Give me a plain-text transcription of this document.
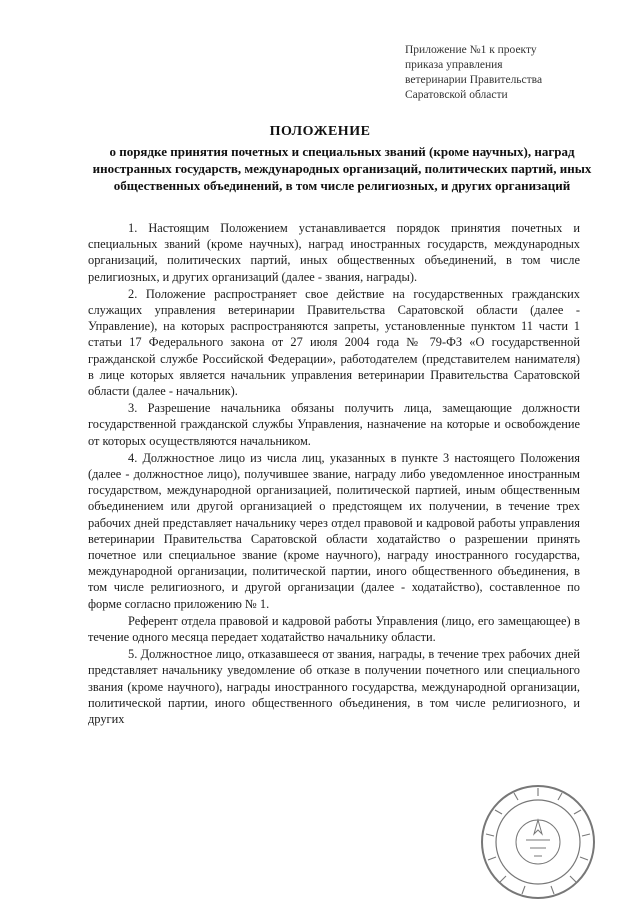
Приложение №1 к проекту
приказа управления
ветеринарии Правительства
Саратовской области
ПОЛОЖЕНИЕ
о порядке принятия почетных и специальных званий (кроме научных), наград иностранных государств, международных организаций, политических партий, иных общественных объединений, в том числе религиозных, и других организаций

1. Настоящим Положением устанавливается порядок принятия почетных и специальных званий (кроме научных), наград иностранных государств, международных организаций, политических партий, иных общественных объединений, в том числе религиозных, и других организаций (далее - звания, награды).

2. Положение распространяет свое действие на государственных гражданских служащих управления ветеринарии Правительства Саратовской области (далее - Управление), на которых распространяются запреты, установленные пунктом 11 части 1 статьи 17 Федерального закона от 27 июля 2004 года № 79-ФЗ «О государственной гражданской службе Российской Федерации», работодателем (представителем нанимателя) в лице которых является начальник управления ветеринарии Правительства Саратовской области (далее - начальник).

3. Разрешение начальника обязаны получить лица, замещающие должности государственной гражданской службы Управления, назначение на которые и освобождение от которых осуществляются начальником.

4. Должностное лицо из числа лиц, указанных в пункте 3 настоящего Положения (далее - должностное лицо), получившее звание, награду либо уведомленное иностранным государством, международной организацией, политической партией, иным общественным объединением или другой организацией о предстоящем их получении, в течение трех рабочих дней представляет начальнику через отдел правовой и кадровой работы управления ветеринарии Правительства Саратовской области ходатайство о разрешении принять почетное или специальное звание (кроме научного), награду иностранного государства, международной организации, политической партии, иного общественного объединения, в том числе религиозного, и другой организации (далее - ходатайство), составленное по форме согласно приложению № 1.

Референт отдела правовой и кадровой работы Управления (лицо, его замещающее) в течение одного месяца передает ходатайство начальнику области.

5. Должностное лицо, отказавшееся от звания, награды, в течение трех рабочих дней представляет начальнику уведомление об отказе в получении почетного или специального звания (кроме научного), награды иностранного государства, международной организации, политической партии, иного общественного объединения, в том числе религиозного, и других
